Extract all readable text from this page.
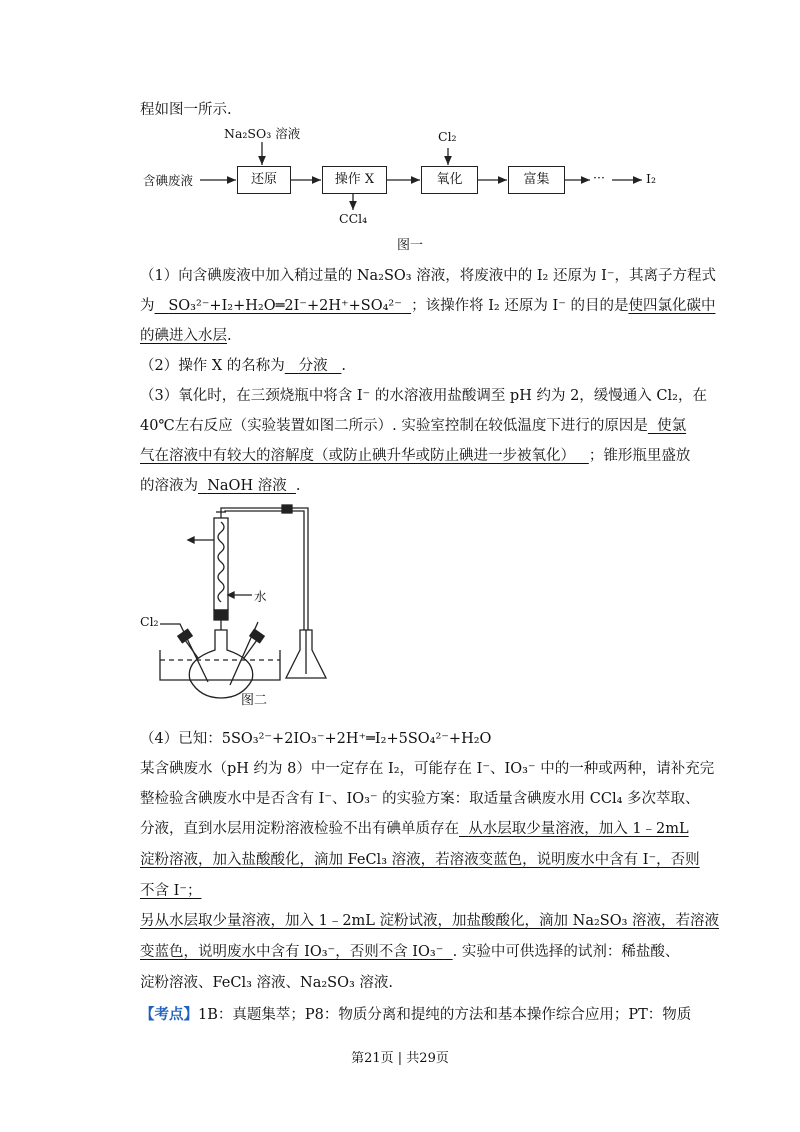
程如图一所示.
含碘废液
Na₂SO₃ 溶液
还原	操作 X
CCl₄
Cl₂
氧化	富集	···	I₂
图一
（1）向含碘废液中加入稍过量的 Na₂SO₃ 溶液，将废液中的 I₂ 还原为 I⁻，其离子方程式
为 SO₃²⁻+I₂+H₂O═2I⁻+2H⁺+SO₄²⁻ ；该操作将 I₂ 还原为 I⁻ 的目的是使四氯化碳中
的碘进入水层.
（2）操作 X 的名称为 分液 .
（3）氧化时，在三颈烧瓶中将含 I⁻ 的水溶液用盐酸调至 pH 约为 2，缓慢通入 Cl₂，在
40℃左右反应（实验装置如图二所示）. 实验室控制在较低温度下进行的原因是 使氯
气在溶液中有较大的溶解度（或防止碘升华或防止碘进一步被氧化） ；锥形瓶里盛放
的溶液为 NaOH 溶液 .
Cl₂
水
图二
（4）已知：5SO₃²⁻+2IO₃⁻+2H⁺═I₂+5SO₄²⁻+H₂O
某含碘废水（pH 约为 8）中一定存在 I₂，可能存在 I⁻、IO₃⁻ 中的一种或两种，请补充完
整检验含碘废水中是否含有 I⁻、IO₃⁻ 的实验方案：取适量含碘废水用 CCl₄ 多次萃取、
分液，直到水层用淀粉溶液检验不出有碘单质存在 从水层取少量溶液，加入 1﹣2mL
淀粉溶液，加入盐酸酸化，滴加 FeCl₃ 溶液，若溶液变蓝色，说明废水中含有 I⁻，否则
不含 I⁻；
另从水层取少量溶液，加入 1﹣2mL 淀粉试液，加盐酸酸化，滴加 Na₂SO₃ 溶液，若溶液
变蓝色，说明废水中含有 IO₃⁻，否则不含 IO₃⁻ . 实验中可供选择的试剂：稀盐酸、
淀粉溶液、FeCl₃ 溶液、Na₂SO₃ 溶液.
【考点】1B：真题集萃；P8：物质分离和提纯的方法和基本操作综合应用；PT：物质
第21页 | 共29页
